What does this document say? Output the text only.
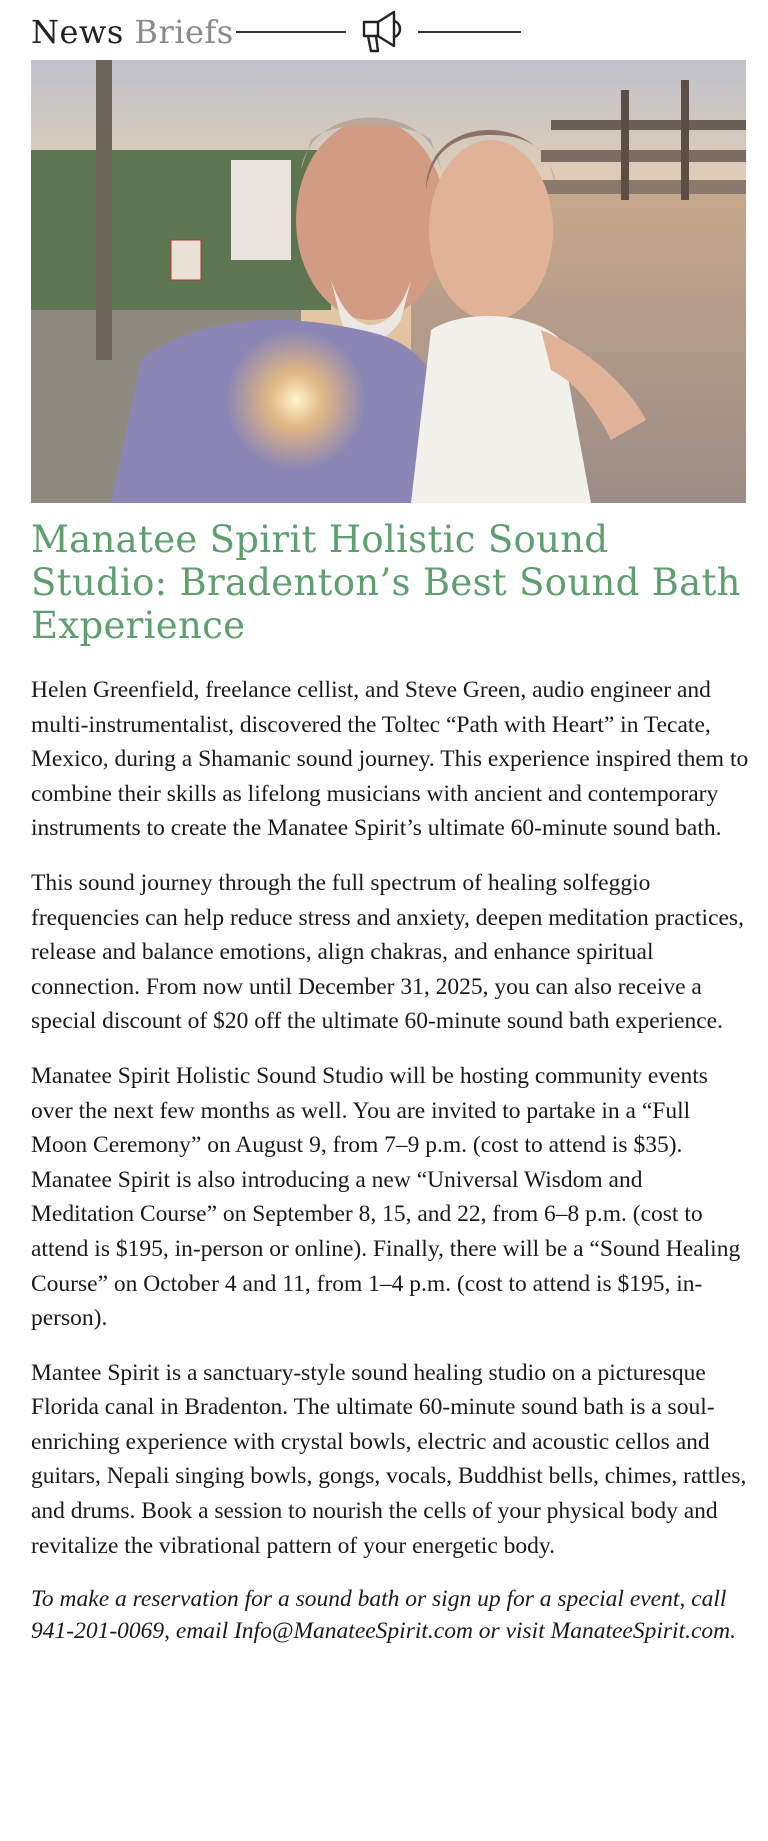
News Briefs
Manatee Spirit Holistic Sound Studio: Bradenton’s Best Sound Bath Experience

Helen Greenfield, freelance cellist, and Steve Green, audio engineer and multi-instrumentalist, discovered the Toltec “Path with Heart” in Tecate, Mexico, during a Shamanic sound journey. This experience inspired them to combine their skills as lifelong musicians with ancient and contemporary instruments to create the Manatee Spirit’s ultimate 60-minute sound bath.

This sound journey through the full spectrum of healing solfeggio frequencies can help reduce stress and anxiety, deepen meditation practices, release and balance emotions, align chakras, and enhance spiritual connection. From now until December 31, 2025, you can also receive a special discount of $20 off the ultimate 60-minute sound bath experience.

Manatee Spirit Holistic Sound Studio will be hosting community events over the next few months as well. You are invited to partake in a “Full Moon Ceremony” on August 9, from 7–9 p.m. (cost to attend is $35). Manatee Spirit is also introducing a new “Universal Wisdom and Meditation Course” on September 8, 15, and 22, from 6–8 p.m. (cost to attend is $195, in-person or online). Finally, there will be a “Sound Healing Course” on October 4 and 11, from 1–4 p.m. (cost to attend is $195, in-person).

Mantee Spirit is a sanctuary-style sound healing studio on a picturesque Florida canal in Bradenton. The ultimate 60-minute sound bath is a soul-enriching experience with crystal bowls, electric and acoustic cellos and guitars, Nepali singing bowls, gongs, vocals, Buddhist bells, chimes, rattles, and drums. Book a session to nourish the cells of your physical body and revitalize the vibrational pattern of your energetic body.

To make a reservation for a sound bath or sign up for a special event, call 941-201-0069, email Info@ManateeSpirit.com or visit ManateeSpirit.com.
